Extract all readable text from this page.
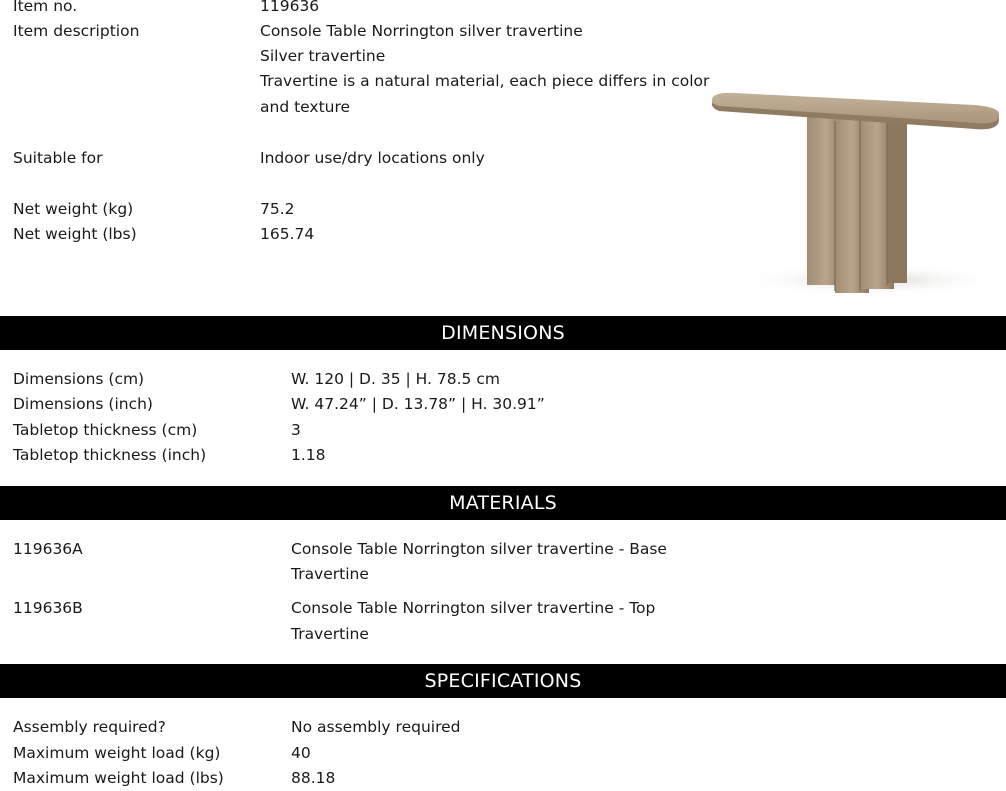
Item no.	119636
Item description	Console Table Norrington silver travertine
Silver travertine
Travertine is a natural material, each piece differs in color
and texture
Suitable for	Indoor use/dry locations only
Net weight (kg)	75.2
Net weight (lbs)	165.74
DIMENSIONS
Dimensions (cm)	W. 120 | D. 35 | H. 78.5 cm
Dimensions (inch)	W. 47.24” | D. 13.78” | H. 30.91”
Tabletop thickness (cm)	3
Tabletop thickness (inch)	1.18
MATERIALS
119636A	Console Table Norrington silver travertine - Base
Travertine
119636B	Console Table Norrington silver travertine - Top
Travertine
SPECIFICATIONS
Assembly required?	No assembly required
Maximum weight load (kg)	40
Maximum weight load (lbs)	88.18
